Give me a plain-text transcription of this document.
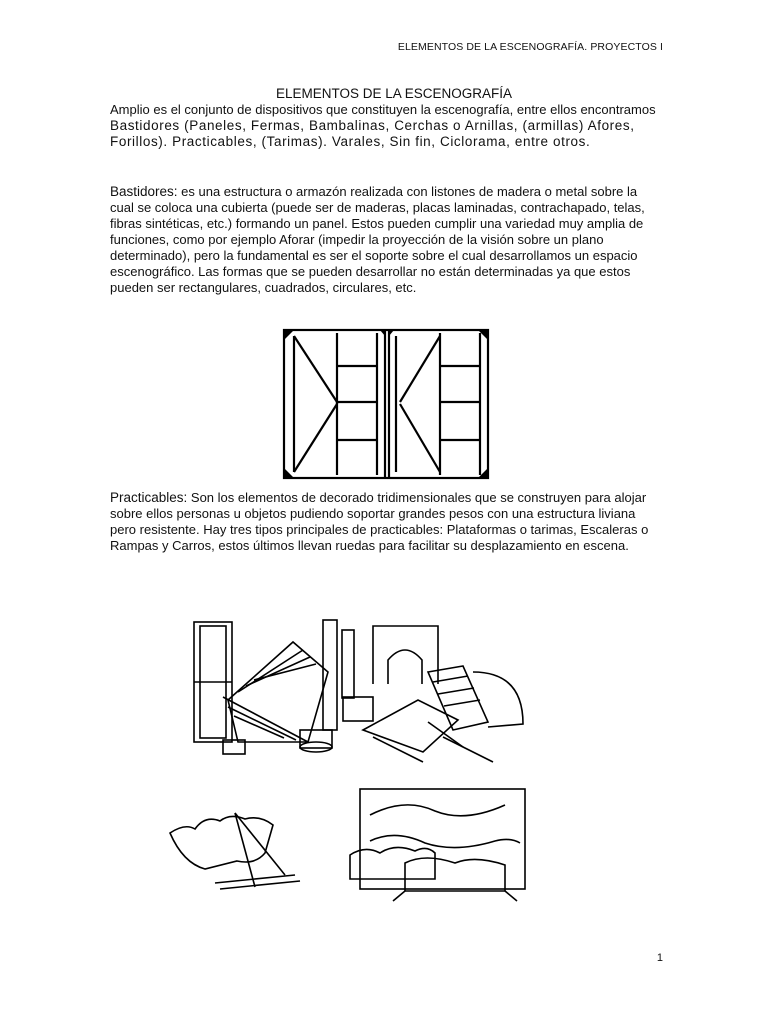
ELEMENTOS DE LA ESCENOGRAFÍA. PROYECTOS I
ELEMENTOS DE LA ESCENOGRAFÍA

Amplio es el conjunto de dispositivos que constituyen la escenografía, entre ellos encontramos Bastidores (Paneles, Fermas, Bambalinas, Cerchas o Arnillas, (armillas) Afores, Forillos). Practicables, (Tarimas). Varales, Sin fin, Ciclorama, entre otros.

Bastidores: es una estructura o armazón realizada con listones de madera o metal sobre la cual se coloca una cubierta (puede ser de maderas, placas laminadas, contrachapado, telas, fibras sintéticas, etc.) formando un panel. Estos pueden cumplir una variedad muy amplia de funciones, como por ejemplo Aforar (impedir la proyección de la visión sobre un plano determinado), pero la fundamental es ser el soporte sobre el cual desarrollamos un espacio escenográfico. Las formas que se pueden desarrollar no están determinadas ya que estos pueden ser rectangulares, cuadrados, circulares, etc.

Practicables: Son los elementos de decorado tridimensionales que se construyen para alojar sobre ellos personas u objetos pudiendo soportar grandes pesos con una estructura liviana pero resistente. Hay tres tipos principales de practicables: Plataformas o tarimas, Escaleras o Rampas y Carros, estos últimos llevan ruedas para facilitar su desplazamiento en escena.

1
